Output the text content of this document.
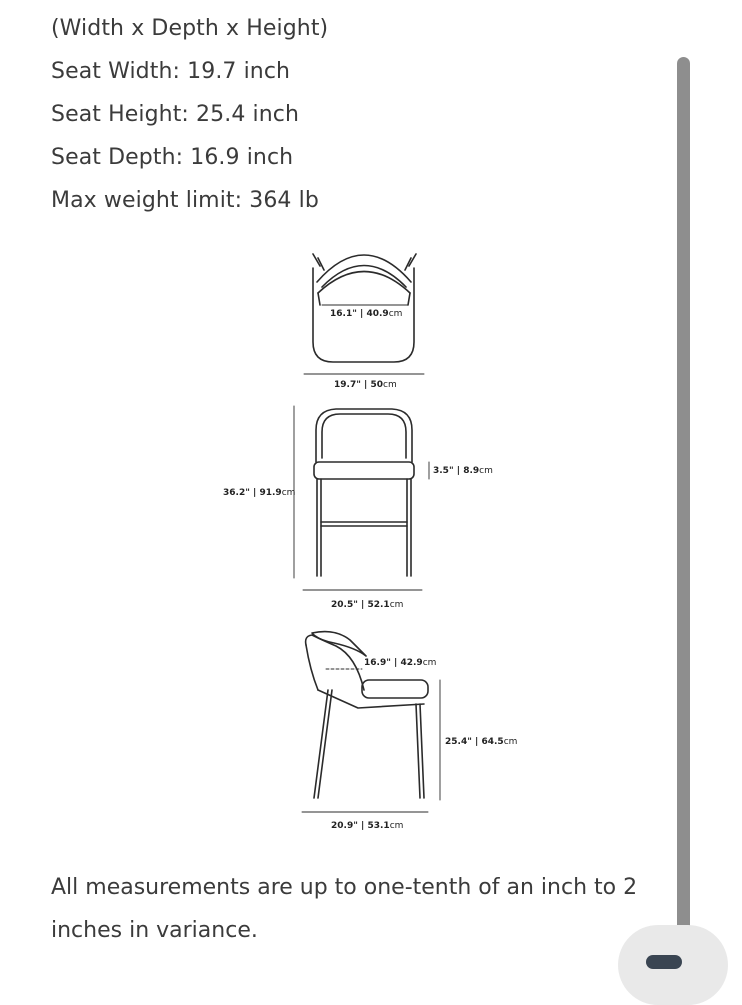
(Width x Depth x Height)
Seat Width: 19.7 inch
Seat Height: 25.4 inch
Seat Depth: 16.9 inch
Max weight limit: 364 lb
16.1" | 40.9cm
19.7" | 50cm
36.2" | 91.9cm
3.5" | 8.9cm
20.5" | 52.1cm
16.9" | 42.9cm
25.4" | 64.5cm
20.9" | 53.1cm
All measurements are up to one-tenth of an inch to 2 inches in variance.
